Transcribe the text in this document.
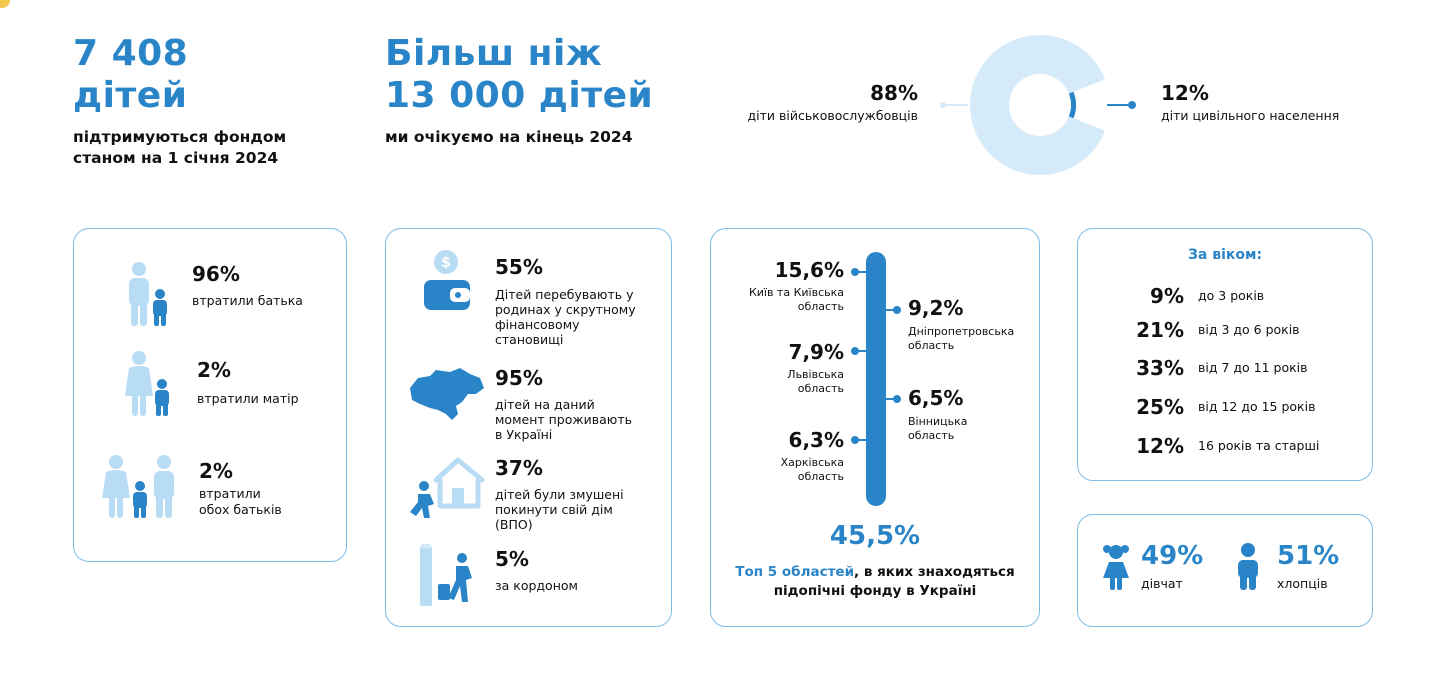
7 408
дітей
підтримуються фондом
станом на 1 січня 2024
Більш ніж
13 000 дітей
ми очікуємо на кінець 2024
88%
діти військовослужбовців
12%
діти цивільного населення
96%
втратили батька
2%
втратили матір
2%
втратили
обох батьків
$ 55%
Дітей перебувають у
родинах у скрутному
фінансовому
становищі
95%
дітей на даний
момент проживають
в Україні
37%
дітей були змушені
покинути свій дім
(ВПО)
5%
за кордоном
15,6%
Київ та Київська
область
7,9%
Львівська
область
6,3%
Харківська
область
9,2%
Дніпропетровська
область
6,5%
Вінницька
область
45,5%
Топ 5 областей, в яких знаходяться
підопічні фонду в Україні
За віком:
9% до 3 років
21% від 3 до 6 років
33% від 7 до 11 років
25% від 12 до 15 років
12% 16 років та старші
49%
дівчат
51%
хлопців
